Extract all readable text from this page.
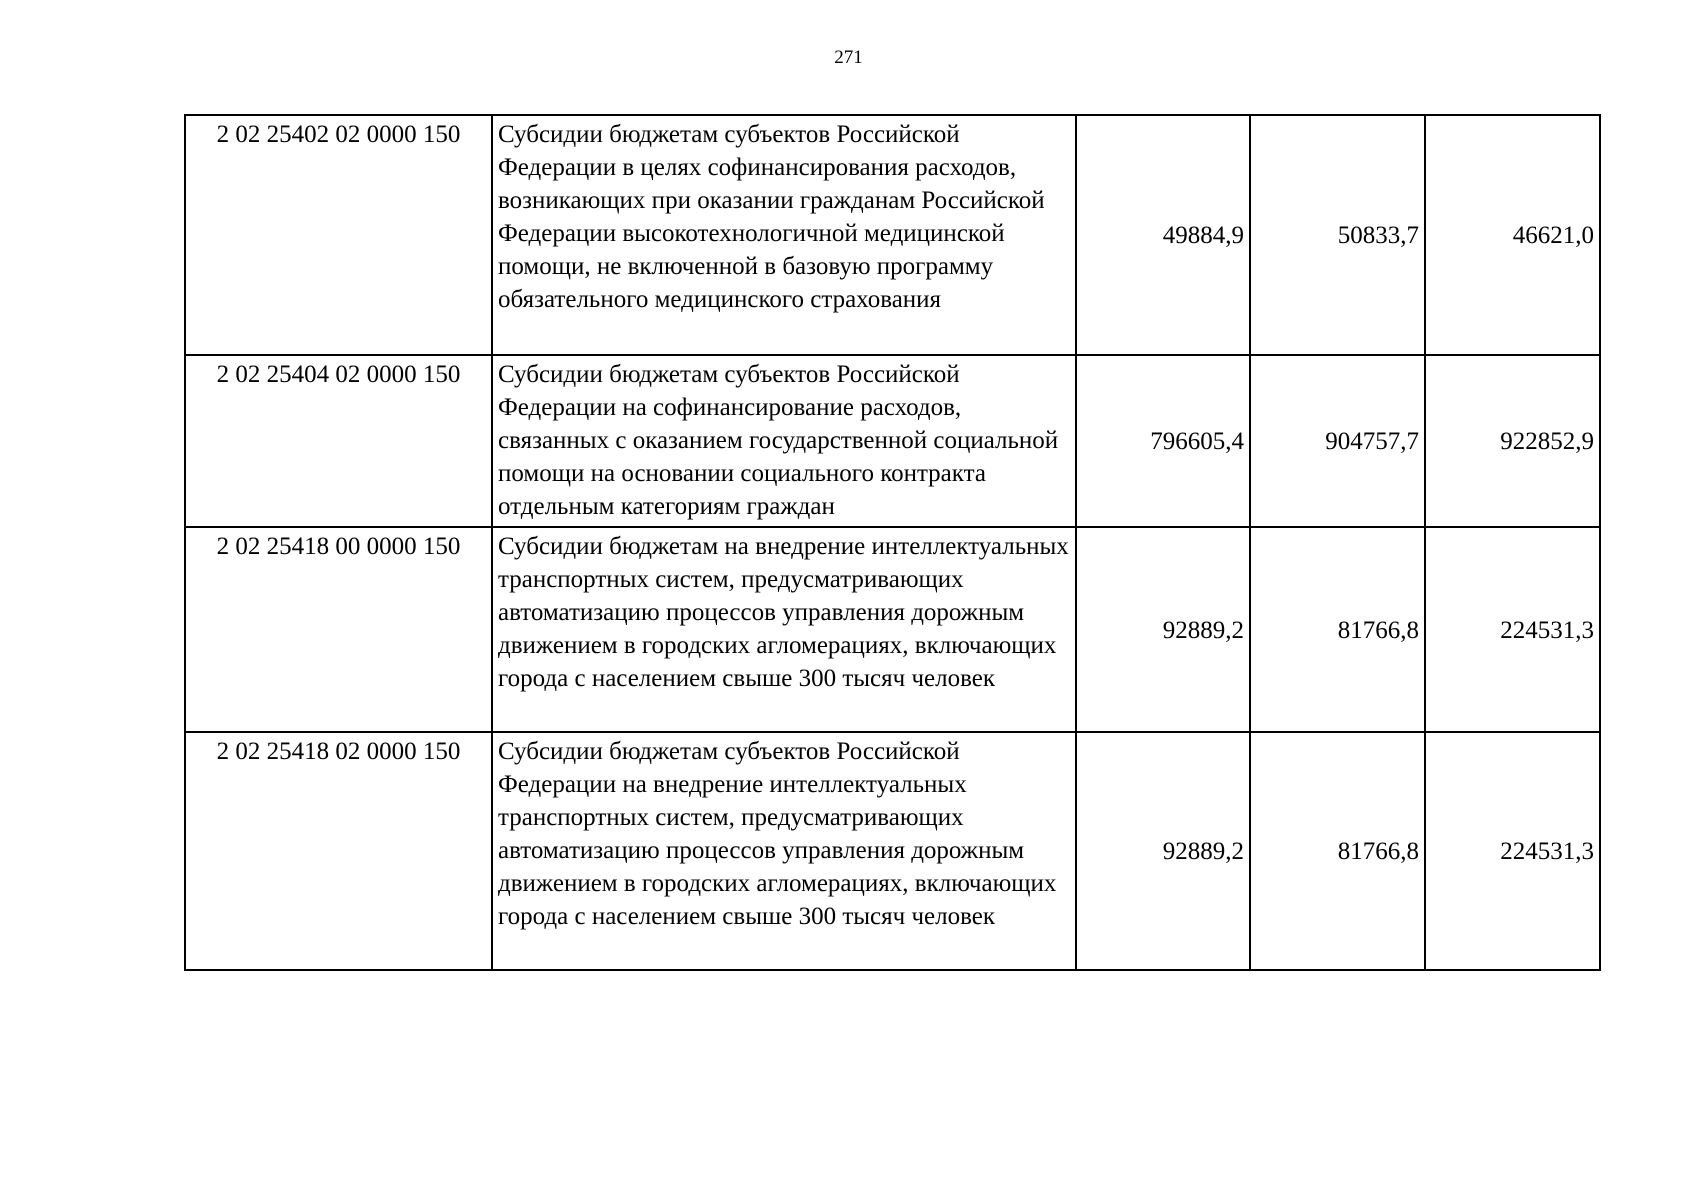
271
2 02 25402 02 0000 150	Субсидии бюджетам субъектов Российской Федерации в целях софинансирования расходов, возникающих при оказании гражданам Российской Федерации высокотехнологичной медицинской помощи, не включенной в базовую программу обязательного медицинского страхования	49884,9	50833,7	46621,0
2 02 25404 02 0000 150	Субсидии бюджетам субъектов Российской Федерации на софинансирование расходов, связанных с оказанием государственной социальной помощи на основании социального контракта отдельным категориям граждан	796605,4	904757,7	922852,9
2 02 25418 00 0000 150	Субсидии бюджетам на внедрение интеллектуальных транспортных систем, предусматривающих автоматизацию процессов управления дорожным движением в городских агломерациях, включающих города с населением свыше 300 тысяч человек	92889,2	81766,8	224531,3
2 02 25418 02 0000 150	Субсидии бюджетам субъектов Российской Федерации на внедрение интеллектуальных транспортных систем, предусматривающих автоматизацию процессов управления дорожным движением в городских агломерациях, включающих города с населением свыше 300 тысяч человек	92889,2	81766,8	224531,3
